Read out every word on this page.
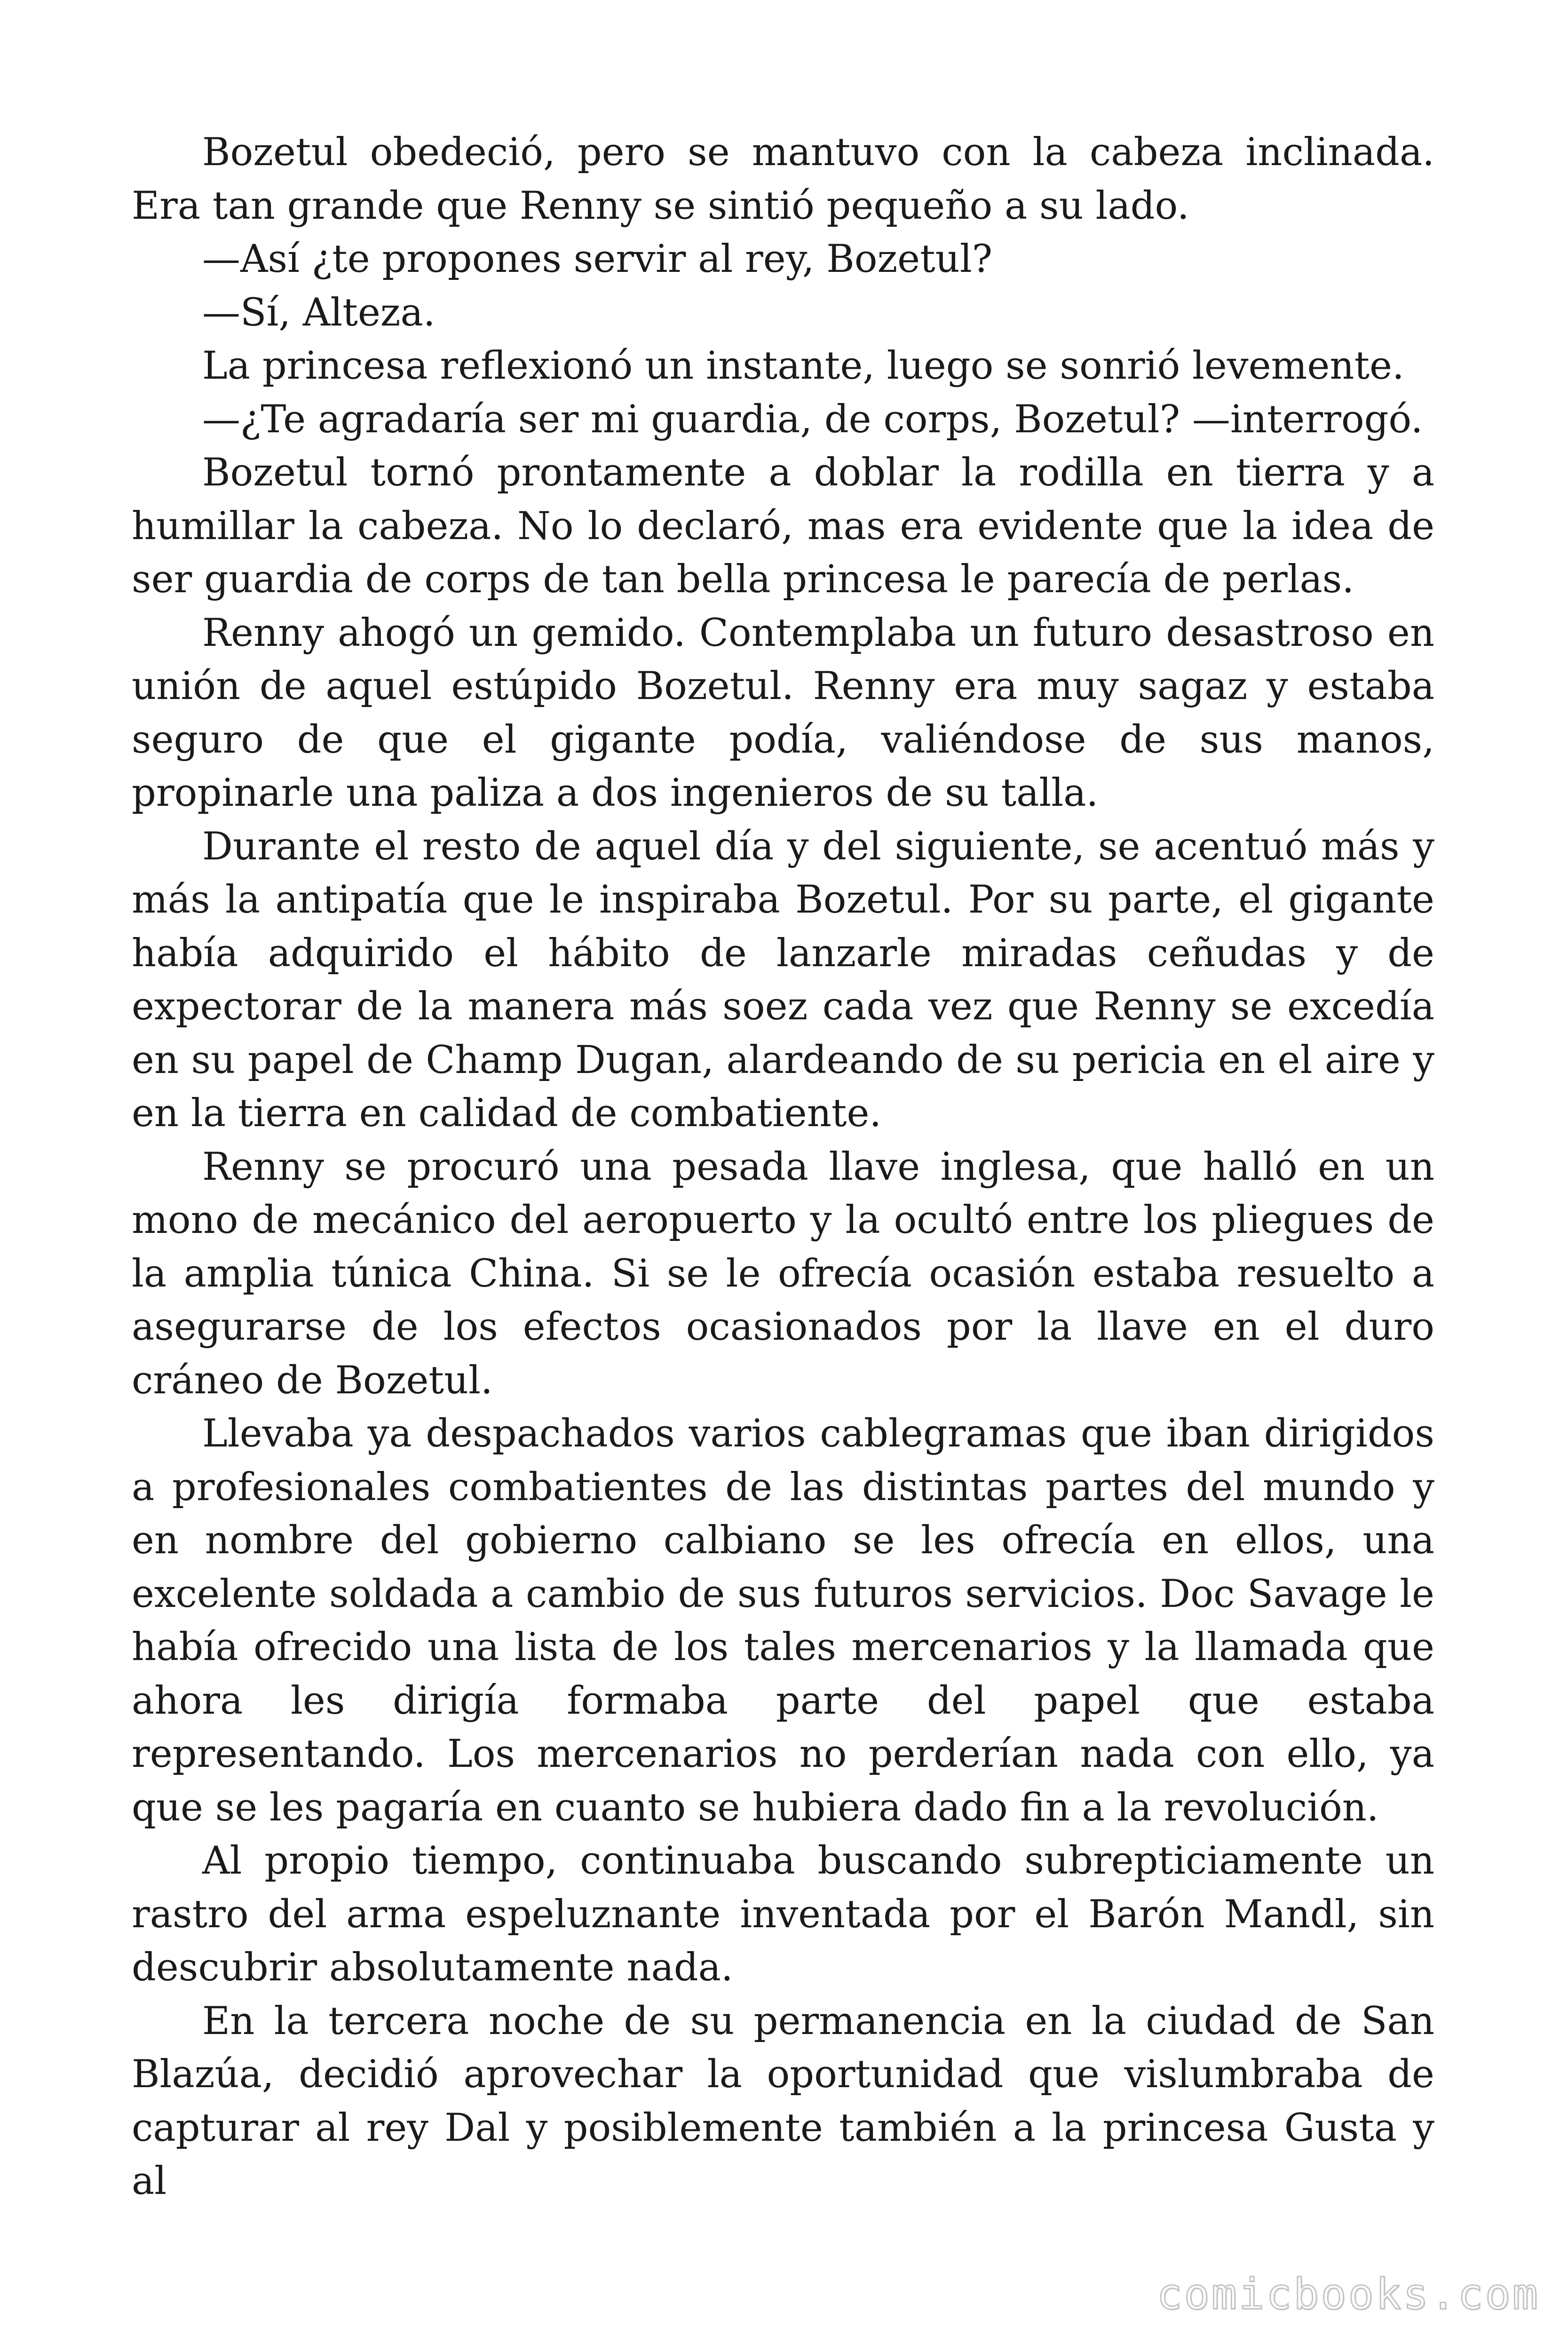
Bozetul obedeció, pero se mantuvo con la cabeza inclinada. Era tan grande que Renny se sintió pequeño a su lado.

—Así ¿te propones servir al rey, Bozetul?

—Sí, Alteza.

La princesa reflexionó un instante, luego se sonrió levemente.

—¿Te agradaría ser mi guardia, de corps, Bozetul? —interrogó.

Bozetul tornó prontamente a doblar la rodilla en tierra y a humillar la cabeza. No lo declaró, mas era evidente que la idea de ser guardia de corps de tan bella princesa le parecía de perlas.

Renny ahogó un gemido. Contemplaba un futuro desastroso en unión de aquel estúpido Bozetul. Renny era muy sagaz y estaba seguro de que el gigante podía, valiéndose de sus manos, propinarle una paliza a dos ingenieros de su talla.

Durante el resto de aquel día y del siguiente, se acentuó más y más la antipatía que le inspiraba Bozetul. Por su parte, el gigante había adquirido el hábito de lanzarle miradas ceñudas y de expectorar de la manera más soez cada vez que Renny se excedía en su papel de Champ Dugan, alardeando de su pericia en el aire y en la tierra en calidad de combatiente.

Renny se procuró una pesada llave inglesa, que halló en un mono de mecánico del aeropuerto y la ocultó entre los pliegues de la amplia túnica China. Si se le ofrecía ocasión estaba resuelto a asegurarse de los efectos ocasionados por la llave en el duro cráneo de Bozetul.

Llevaba ya despachados varios cablegramas que iban dirigidos a profesionales combatientes de las distintas partes del mundo y en nombre del gobierno calbiano se les ofrecía en ellos, una excelente soldada a cambio de sus futuros servicios. Doc Savage le había ofrecido una lista de los tales mercenarios y la llamada que ahora les dirigía formaba parte del papel que estaba representando. Los mercenarios no perderían nada con ello, ya que se les pagaría en cuanto se hubiera dado fin a la revolución.

Al propio tiempo, continuaba buscando subrepticiamente un rastro del arma espeluznante inventada por el Barón Mandl, sin descubrir absolutamente nada.

En la tercera noche de su permanencia en la ciudad de San Blazúa, decidió aprovechar la oportunidad que vislumbraba de capturar al rey Dal y posiblemente también a la princesa Gusta y al

comicbooks.com
